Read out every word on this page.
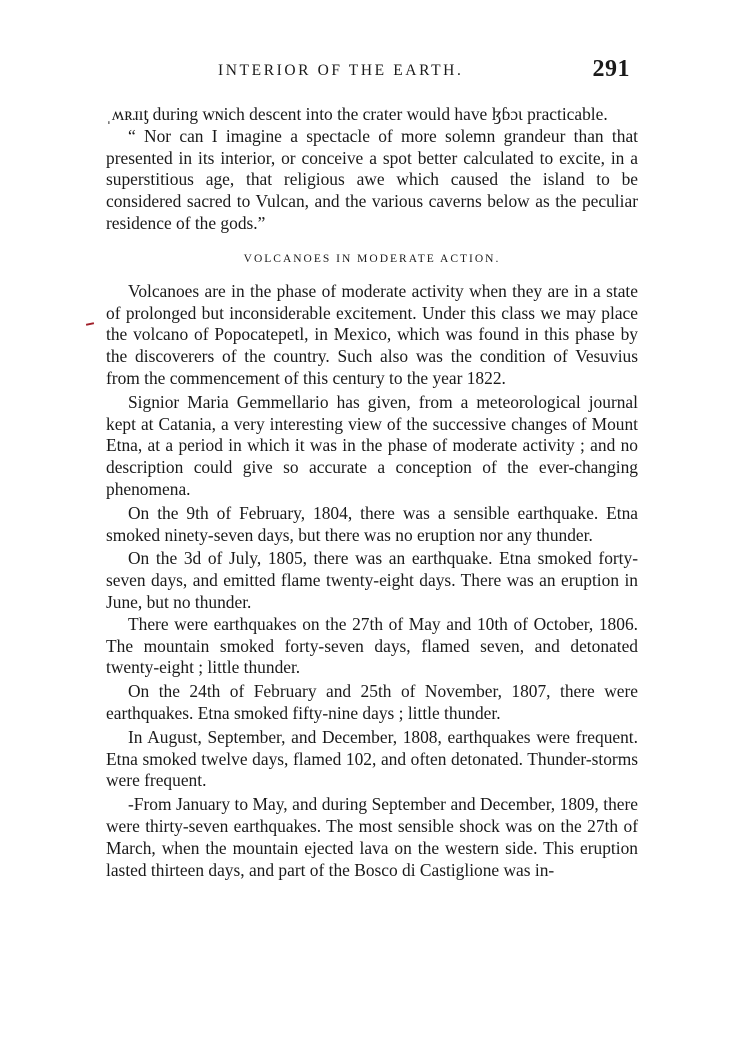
INTERIOR OF THE EARTH.	291

ˌʍʀɹıƫ during wɴich descent into the crater would have ɮɓɔɩ practicable.

“ Nor can I imagine a spectacle of more solemn grandeur than that presented in its interior, or conceive a spot better calculated to excite, in a superstitious age, that religious awe which caused the island to be considered sacred to Vulcan, and the various caverns below as the peculiar residence of the gods.”

VOLCANOES IN MODERATE ACTION.

Volcanoes are in the phase of moderate activity when they are in a state of prolonged but inconsiderable excitement. Under this class we may place the volcano of Popocatepetl, in Mexico, which was found in this phase by the discoverers of the country. Such also was the condition of Vesuvius from the commencement of this century to the year 1822.

Signior Maria Gemmellario has given, from a meteorological journal kept at Catania, a very interesting view of the successive changes of Mount Etna, at a period in which it was in the phase of moderate activity ; and no description could give so accurate a conception of the ever-changing phenomena.

On the 9th of February, 1804, there was a sensible earthquake. Etna smoked ninety-seven days, but there was no eruption nor any thunder.

On the 3d of July, 1805, there was an earthquake. Etna smoked forty-seven days, and emitted flame twenty-eight days. There was an eruption in June, but no thunder.

There were earthquakes on the 27th of May and 10th of October, 1806. The mountain smoked forty-seven days, flamed seven, and detonated twenty-eight ; little thunder.

On the 24th of February and 25th of November, 1807, there were earthquakes. Etna smoked fifty-nine days ; little thunder.

In August, September, and December, 1808, earthquakes were frequent. Etna smoked twelve days, flamed 102, and often detonated. Thunder-storms were frequent.

-From January to May, and during September and December, 1809, there were thirty-seven earthquakes. The most sensible shock was on the 27th of March, when the mountain ejected lava on the western side. This eruption lasted thirteen days, and part of the Bosco di Castiglione was in-
